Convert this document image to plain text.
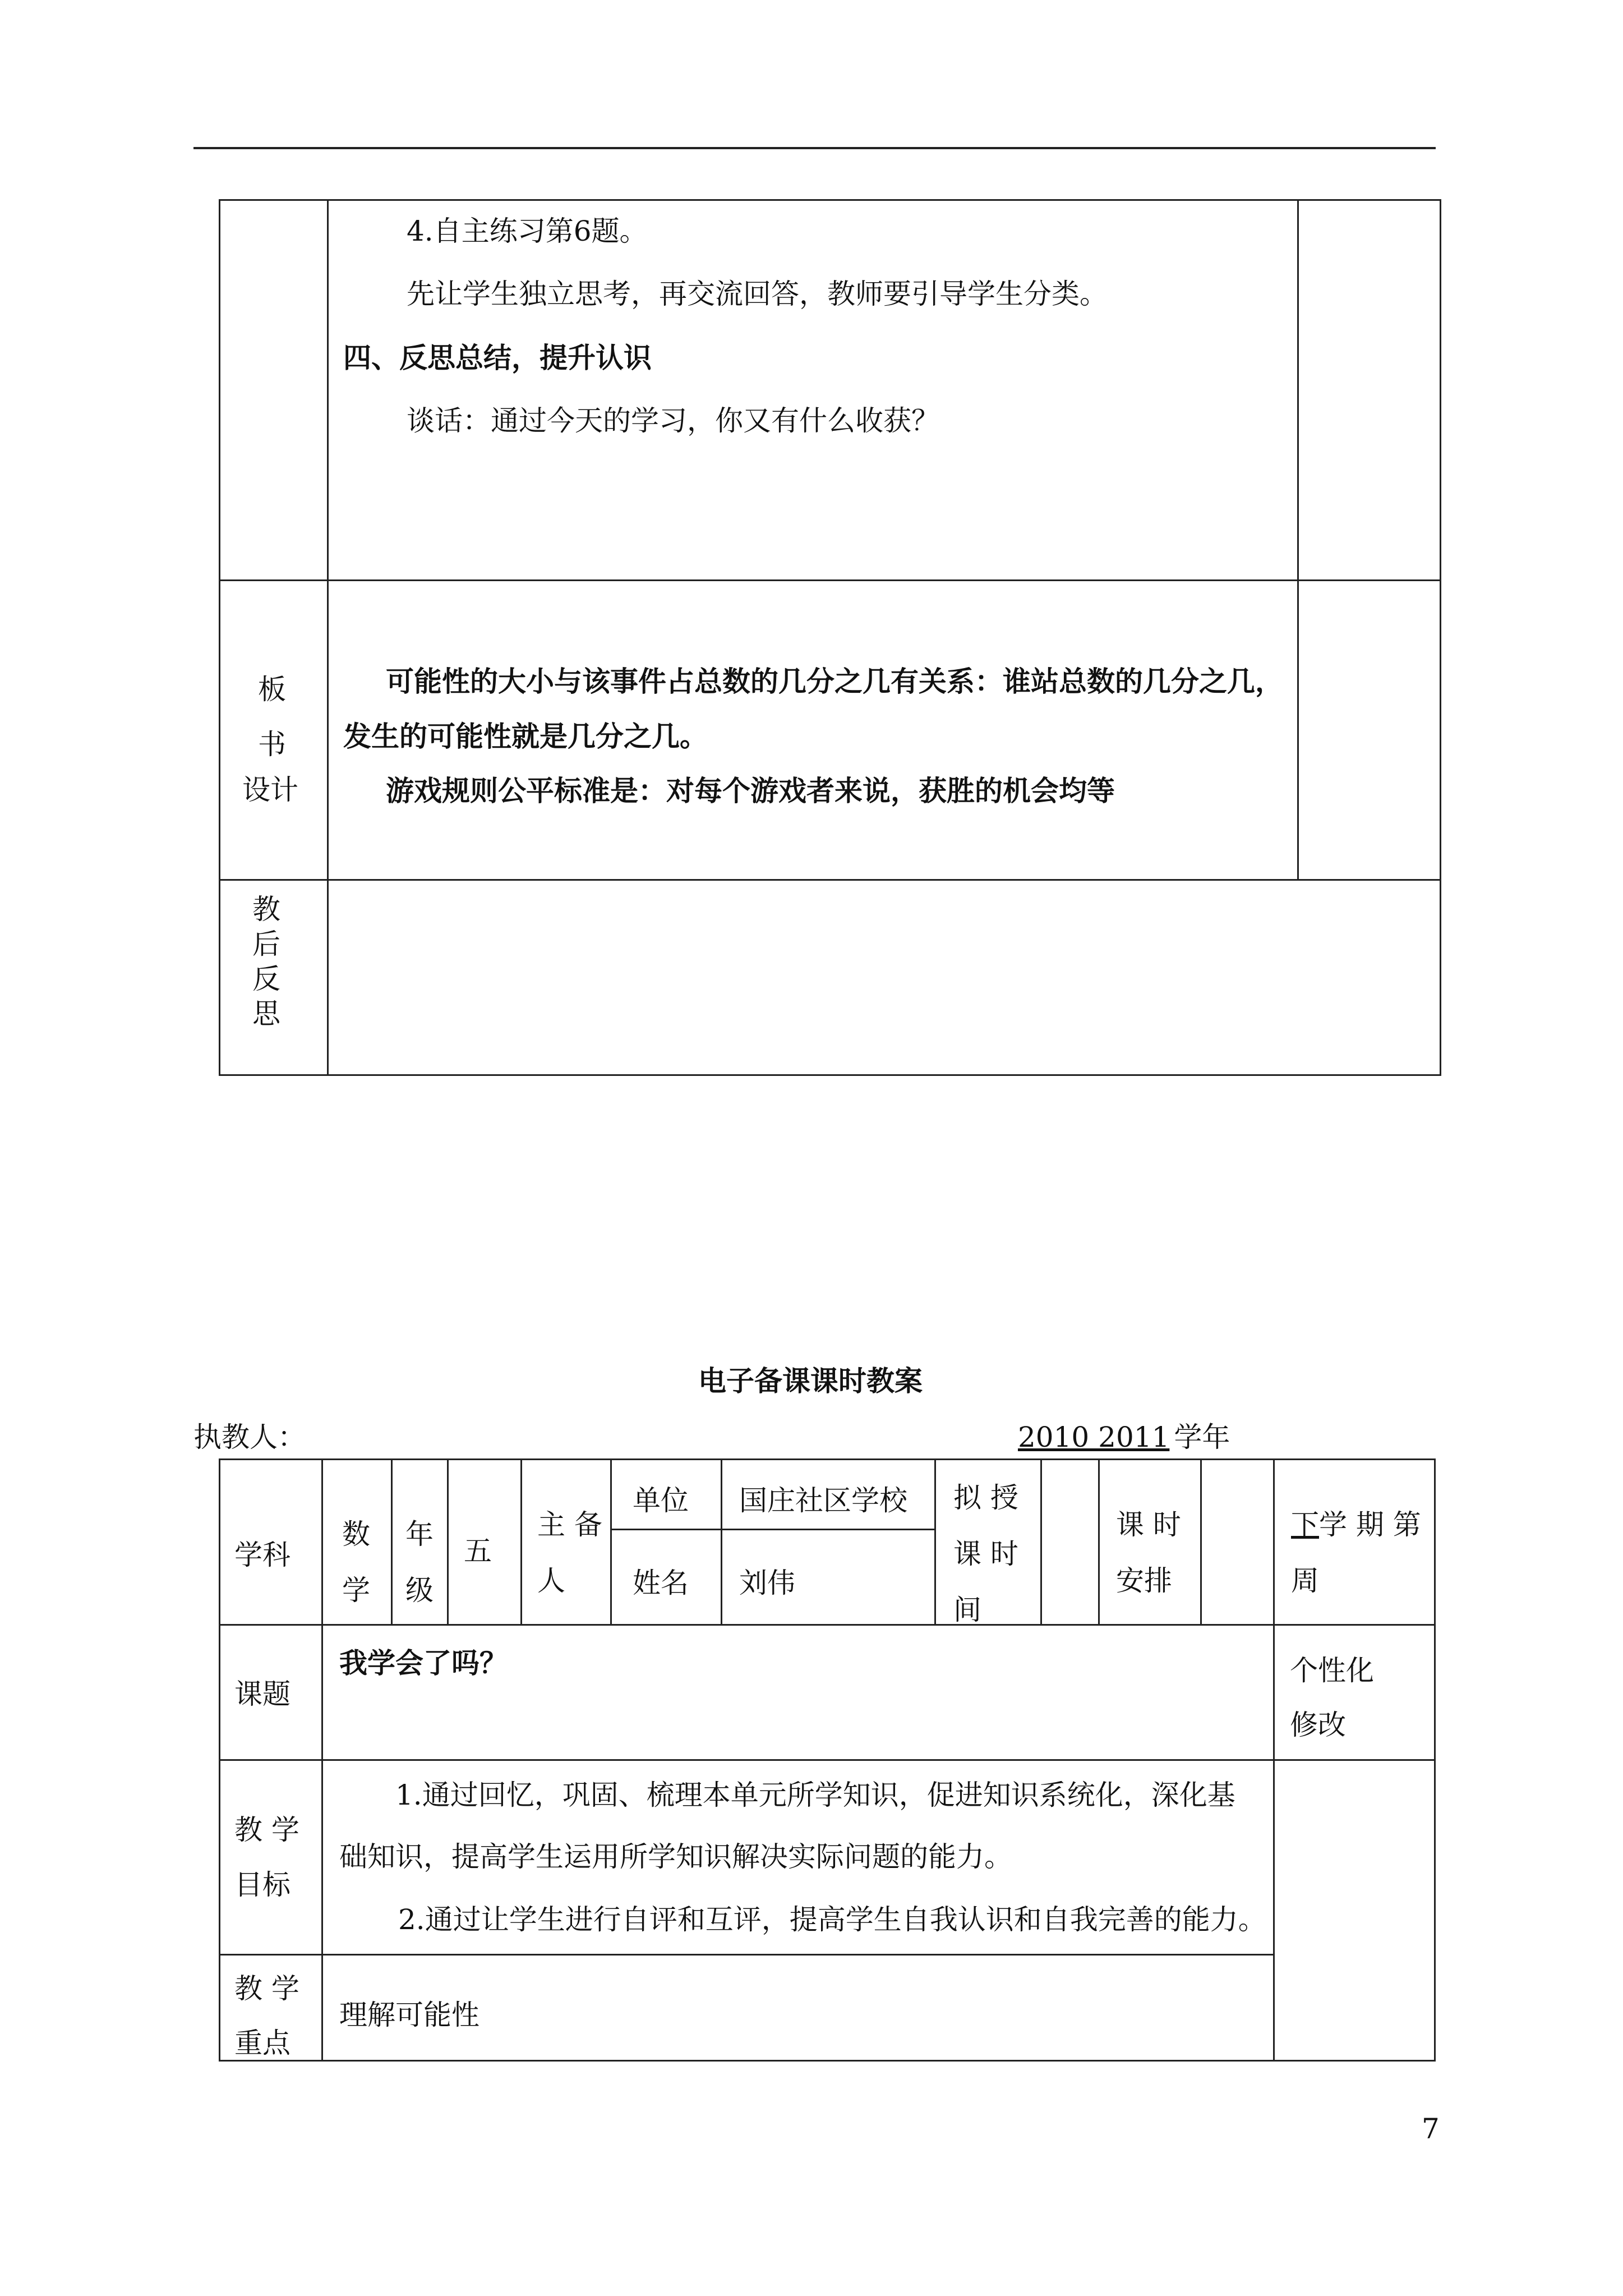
4.自主练习第6题。
先让学生独立思考，再交流回答，教师要引导学生分类。
四、反思总结，提升认识
谈话：通过今天的学习，你又有什么收获？
板
书
设计
可能性的大小与该事件占总数的几分之几有关系：谁站总数的几分之几，
发生的可能性就是几分之几。
游戏规则公平标准是：对每个游戏者来说，获胜的机会均等
教
后
反
思
电子备课课时教案
执教人：	2010 2011 学年
学科
数
学
年
级
五
主 备
人
单位 国庄社区学校
姓名 刘伟
拟 授
课 时
间
课 时
安排
下学 期 第
周
课题
我学会了吗？	个性化
修改
教 学
目标
1.通过回忆，巩固、梳理本单元所学知识，促进知识系统化，深化基
础知识，提高学生运用所学知识解决实际问题的能力。
2.通过让学生进行自评和互评，提高学生自我认识和自我完善的能力。
教 学
重点
理解可能性
7
